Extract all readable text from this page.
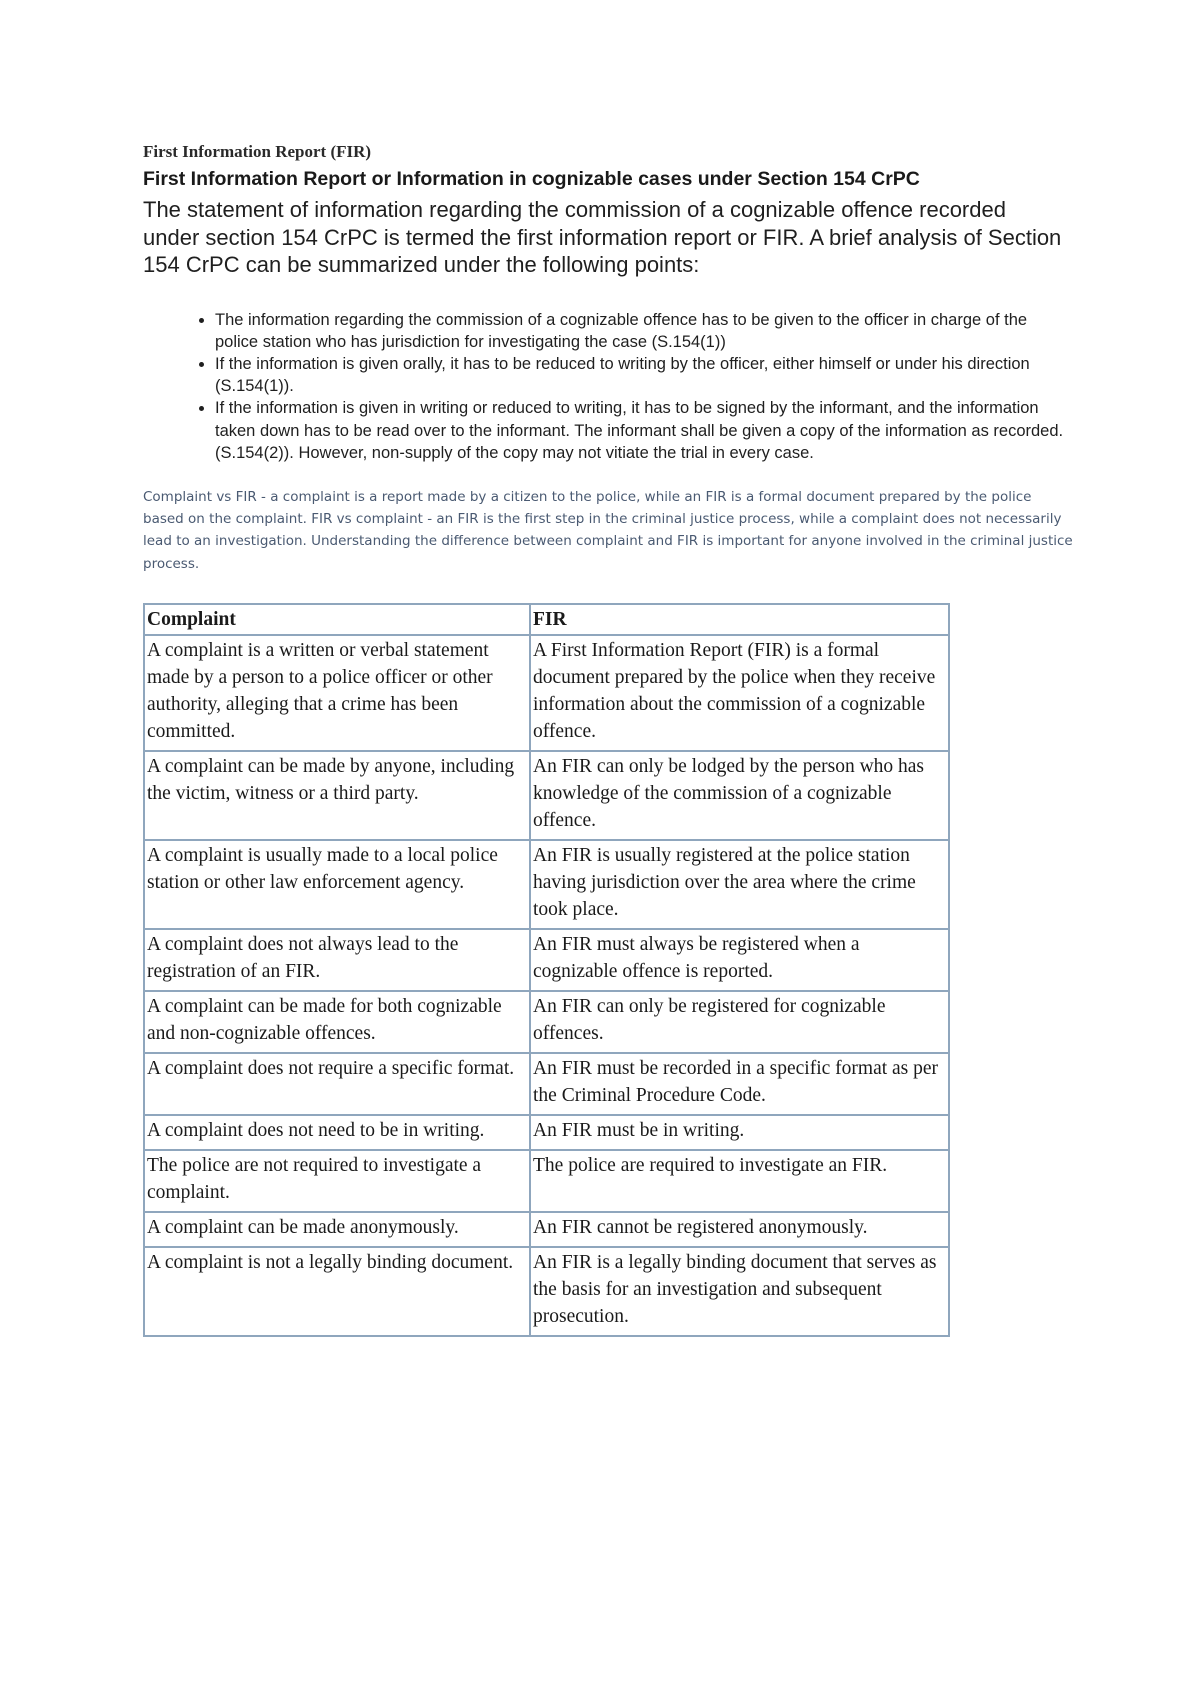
First Information Report (FIR)

First Information Report or Information in cognizable cases under Section 154 CrPC

The statement of information regarding the commission of a cognizable offence recorded under section 154 CrPC is termed the first information report or FIR. A brief analysis of Section 154 CrPC can be summarized under the following points:

• The information regarding the commission of a cognizable offence has to be given to the officer in charge of the police station who has jurisdiction for investigating the case (S.154(1))
• If the information is given orally, it has to be reduced to writing by the officer, either himself or under his direction (S.154(1)).
• If the information is given in writing or reduced to writing, it has to be signed by the informant, and the information taken down has to be read over to the informant. The informant shall be given a copy of the information as recorded. (S.154(2)). However, non-supply of the copy may not vitiate the trial in every case.

Complaint vs FIR - a complaint is a report made by a citizen to the police, while an FIR is a formal document prepared by the police based on the complaint. FIR vs complaint - an FIR is the first step in the criminal justice process, while a complaint does not necessarily lead to an investigation. Understanding the difference between complaint and FIR is important for anyone involved in the criminal justice process.

Complaint	FIR
A complaint is a written or verbal statement made by a person to a police officer or other authority, alleging that a crime has been committed.	A First Information Report (FIR) is a formal document prepared by the police when they receive information about the commission of a cognizable offence.
A complaint can be made by anyone, including the victim, witness or a third party.	An FIR can only be lodged by the person who has knowledge of the commission of a cognizable offence.
A complaint is usually made to a local police station or other law enforcement agency.	An FIR is usually registered at the police station having jurisdiction over the area where the crime took place.
A complaint does not always lead to the registration of an FIR.	An FIR must always be registered when a cognizable offence is reported.
A complaint can be made for both cognizable and non-cognizable offences.	An FIR can only be registered for cognizable offences.
A complaint does not require a specific format.	An FIR must be recorded in a specific format as per the Criminal Procedure Code.
A complaint does not need to be in writing.	An FIR must be in writing.
The police are not required to investigate a complaint.	The police are required to investigate an FIR.
A complaint can be made anonymously.	An FIR cannot be registered anonymously.
A complaint is not a legally binding document.	An FIR is a legally binding document that serves as the basis for an investigation and subsequent prosecution.
